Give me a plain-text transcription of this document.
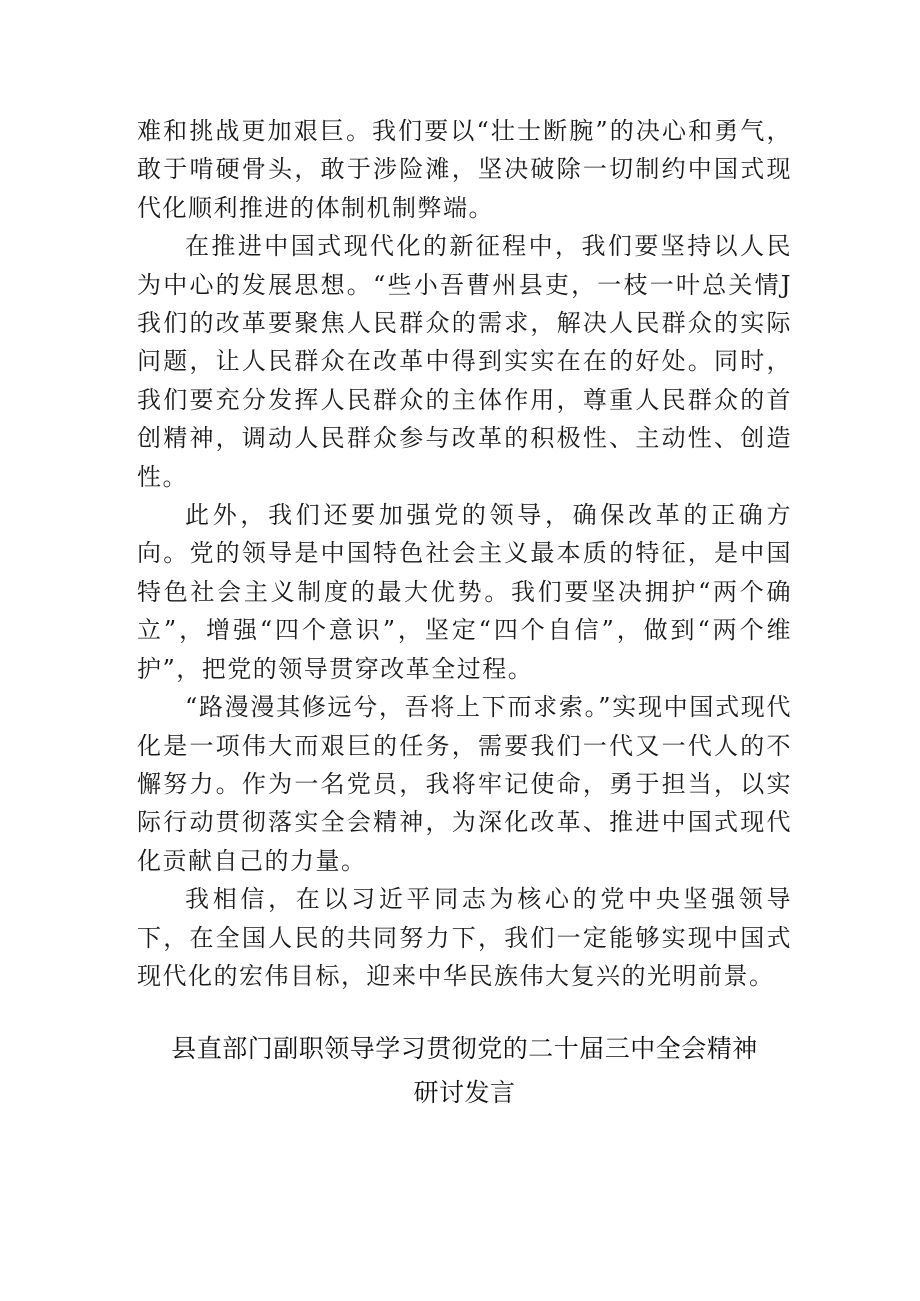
难和挑战更加艰巨。我们要以“壮士断腕”的决心和勇气，敢于啃硬骨头，敢于涉险滩，坚决破除一切制约中国式现代化顺利推进的体制机制弊端。

在推进中国式现代化的新征程中，我们要坚持以人民为中心的发展思想。“些小吾曹州县吏，一枝一叶总关情J我们的改革要聚焦人民群众的需求，解决人民群众的实际问题，让人民群众在改革中得到实实在在的好处。同时，我们要充分发挥人民群众的主体作用，尊重人民群众的首创精神，调动人民群众参与改革的积极性、主动性、创造性。

此外，我们还要加强党的领导，确保改革的正确方向。党的领导是中国特色社会主义最本质的特征，是中国特色社会主义制度的最大优势。我们要坚决拥护“两个确立”，增强“四个意识”，坚定“四个自信”，做到“两个维护”，把党的领导贯穿改革全过程。

“路漫漫其修远兮，吾将上下而求索。”实现中国式现代化是一项伟大而艰巨的任务，需要我们一代又一代人的不懈努力。作为一名党员，我将牢记使命，勇于担当，以实际行动贯彻落实全会精神，为深化改革、推进中国式现代化贡献自己的力量。

我相信，在以习近平同志为核心的党中央坚强领导下，在全国人民的共同努力下，我们一定能够实现中国式现代化的宏伟目标，迎来中华民族伟大复兴的光明前景。

县直部门副职领导学习贯彻党的二十届三中全会精神

研讨发言
